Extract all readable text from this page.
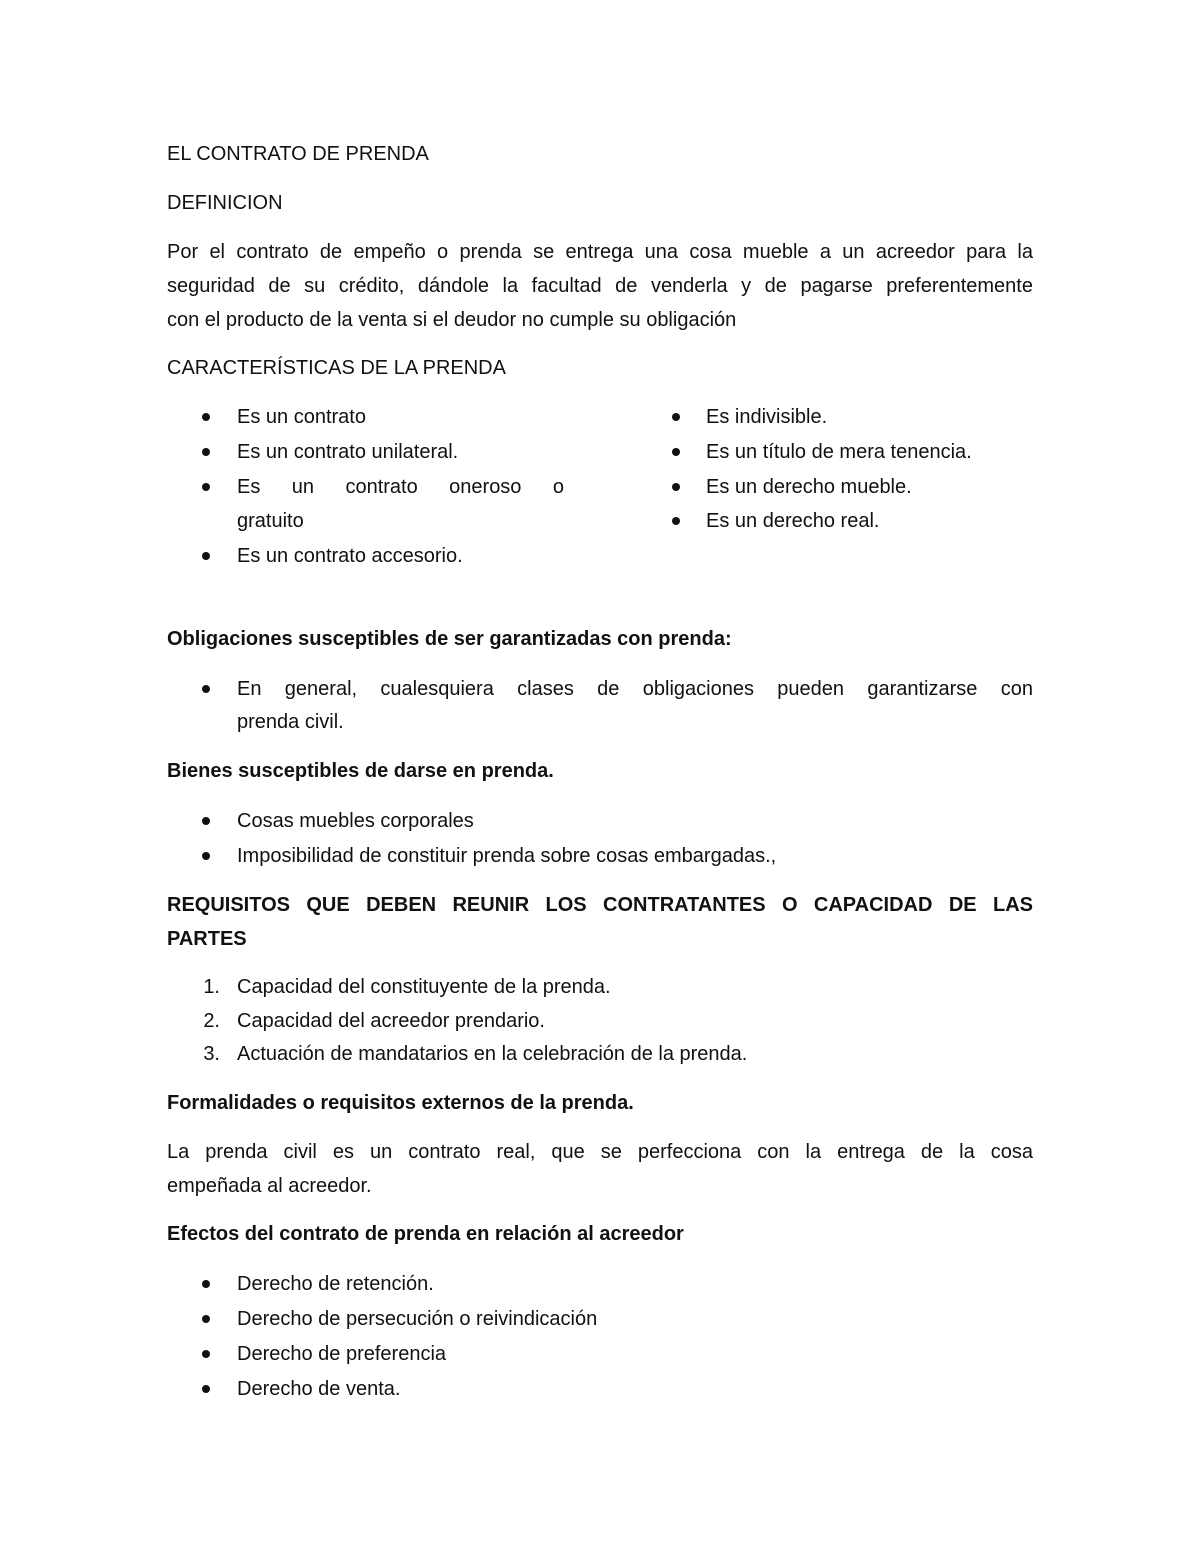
EL CONTRATO DE PRENDA
DEFINICION
Por el contrato de empeño o prenda se entrega una cosa mueble a un acreedor para la
seguridad de su crédito, dándole la facultad de venderla y de pagarse preferentemente
con el producto de la venta si el deudor no cumple su obligación
CARACTERÍSTICAS DE LA PRENDA
Es un contrato
Es un contrato unilateral.
Es un contrato oneroso o
gratuito
Es un contrato accesorio.
Es indivisible.
Es un título de mera tenencia.
Es un derecho mueble.
Es un derecho real.
Obligaciones susceptibles de ser garantizadas con prenda:
En general, cualesquiera clases de obligaciones pueden garantizarse con
prenda civil.
Bienes susceptibles de darse en prenda.
Cosas muebles corporales
Imposibilidad de constituir prenda sobre cosas embargadas.,
REQUISITOS QUE DEBEN REUNIR LOS CONTRATANTES O CAPACIDAD DE LAS
PARTES
1. Capacidad del constituyente de la prenda.
2. Capacidad del acreedor prendario.
3. Actuación de mandatarios en la celebración de la prenda.
Formalidades o requisitos externos de la prenda.
La prenda civil es un contrato real, que se perfecciona con la entrega de la cosa
empeñada al acreedor.
Efectos del contrato de prenda en relación al acreedor
Derecho de retención.
Derecho de persecución o reivindicación
Derecho de preferencia
Derecho de venta.
